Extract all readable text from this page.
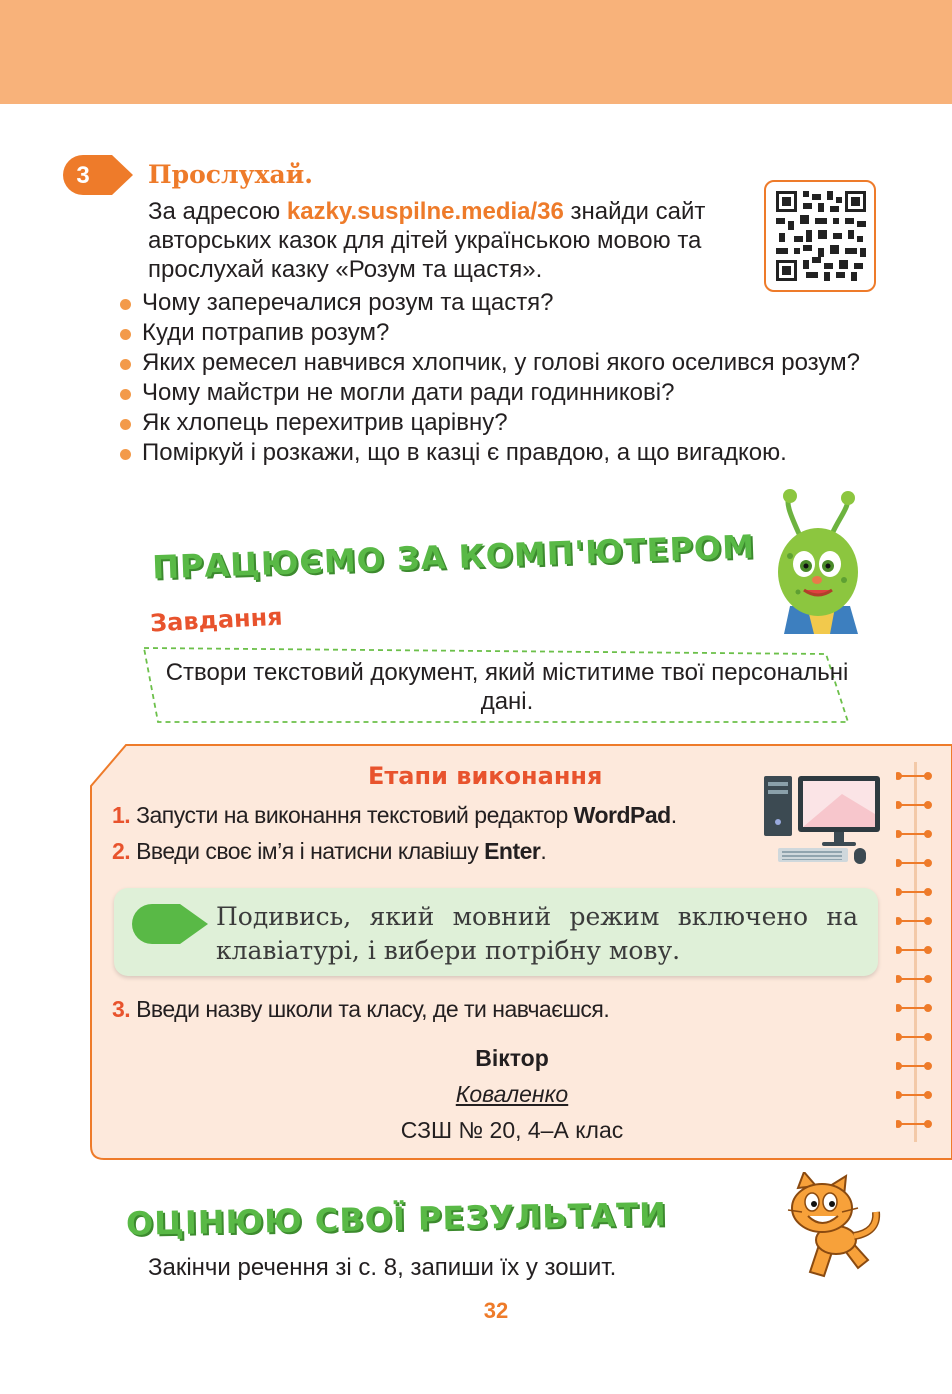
3 Прослухай.
За адресою kazky.suspilne.media/36 знайди сайт авторських казок для дітей українською мовою та прослухай казку «Розум та щастя».
Чому заперечалися розум та щастя?
Куди потрапив розум?
Яких ремесел навчився хлопчик, у голові якого оселився розум?
Чому майстри не могли дати ради годинникові?
Як хлопець перехитрив царівну?
Поміркуй і розкажи, що в казці є правдою, а що вигадкою.
ПРАЦЮЄМО ЗА КОМП'ЮТЕРОМ
Завдання
Створи текстовий документ, який міститиме твої персональні дані.
Етапи виконання
1. Запусти на виконання текстовий редактор WordPad.
2. Введи своє ім’я і натисни клавішу Enter.
Подивись, який мовний режим включено на клавіатурі, і вибери потрібну мову.
3. Введи назву школи та класу, де ти навчаєшся.
Віктор
Коваленко
СЗШ № 20, 4–А клас
ОЦІНЮЮ СВОЇ РЕЗУЛЬТАТИ
Закінчи речення зі с. 8, запиши їх у зошит.
32
